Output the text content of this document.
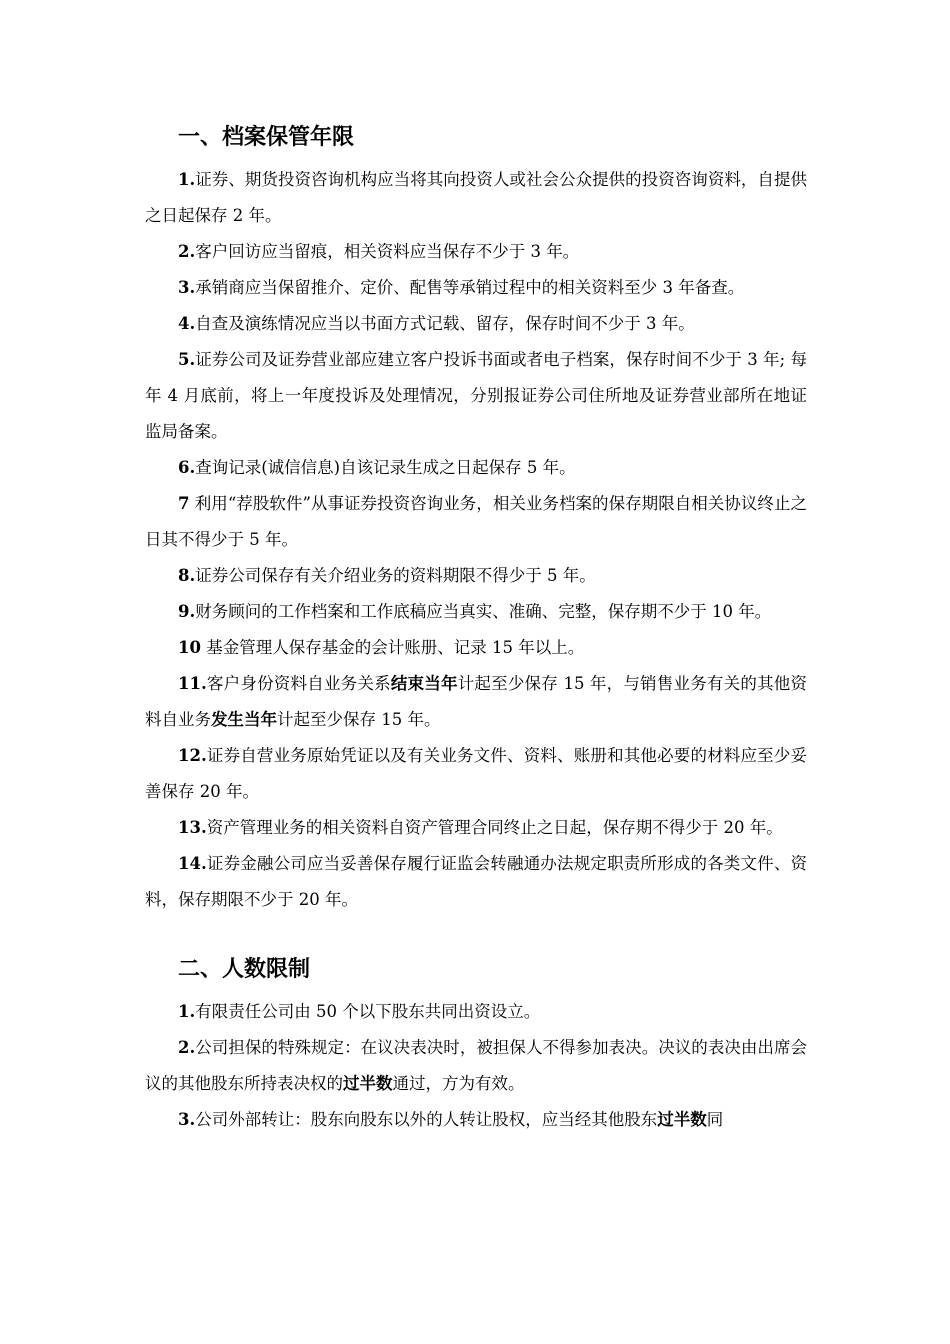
一、档案保管年限

1.证券、期货投资咨询机构应当将其向投资人或社会公众提供的投资咨询资料，自提供之日起保存 2 年。

2.客户回访应当留痕，相关资料应当保存不少于 3 年。

3.承销商应当保留推介、定价、配售等承销过程中的相关资料至少 3 年备查。

4.自查及演练情况应当以书面方式记载、留存，保存时间不少于 3 年。

5.证券公司及证券营业部应建立客户投诉书面或者电子档案，保存时间不少于 3 年; 每年 4 月底前，将上一年度投诉及处理情况，分别报证券公司住所地及证券营业部所在地证监局备案。

6.查询记录(诚信信息)自该记录生成之日起保存 5 年。

7 利用“荐股软件”从事证券投资咨询业务，相关业务档案的保存期限自相关协议终止之日其不得少于 5 年。

8.证券公司保存有关介绍业务的资料期限不得少于 5 年。

9.财务顾问的工作档案和工作底稿应当真实、准确、完整，保存期不少于 10 年。

10 基金管理人保存基金的会计账册、记录 15 年以上。

11.客户身份资料自业务关系结束当年计起至少保存 15 年，与销售业务有关的其他资料自业务发生当年计起至少保存 15 年。

12.证券自营业务原始凭证以及有关业务文件、资料、账册和其他必要的材料应至少妥善保存 20 年。

13.资产管理业务的相关资料自资产管理合同终止之日起，保存期不得少于 20 年。

14.证券金融公司应当妥善保存履行证监会转融通办法规定职责所形成的各类文件、资料，保存期限不少于 20 年。

二、人数限制

1.有限责任公司由 50 个以下股东共同出资设立。

2.公司担保的特殊规定：在议决表决时，被担保人不得参加表决。决议的表决由出席会议的其他股东所持表决权的过半数通过，方为有效。

3.公司外部转让：股东向股东以外的人转让股权，应当经其他股东过半数同
